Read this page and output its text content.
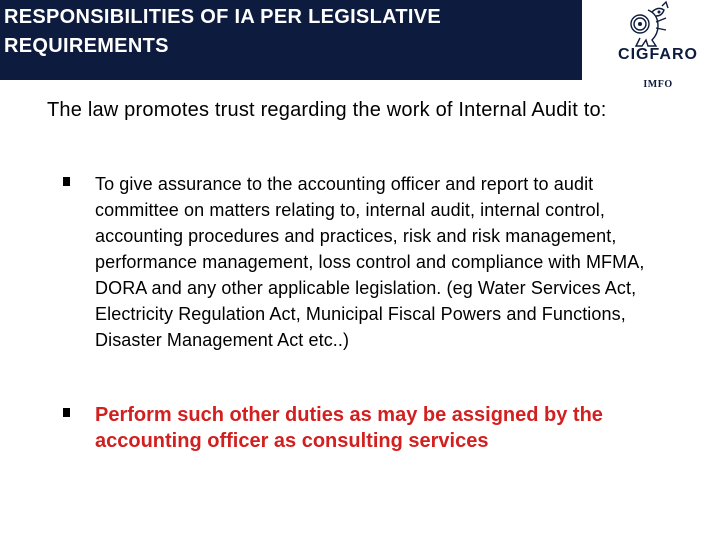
RESPONSIBILITIES OF IA PER LEGISLATIVE
REQUIREMENTS	CIGFARO
IMFO
The law promotes trust regarding the work of Internal Audit to:
To give assurance to the accounting officer and report to audit committee on matters relating to, internal audit, internal control, accounting procedures and practices, risk and risk management, performance management, loss control and compliance with MFMA, DORA and any other applicable legislation. (eg Water Services Act, Electricity Regulation Act, Municipal Fiscal Powers and Functions, Disaster Management Act etc..)
Perform such other duties as may be assigned by the accounting officer as consulting services
